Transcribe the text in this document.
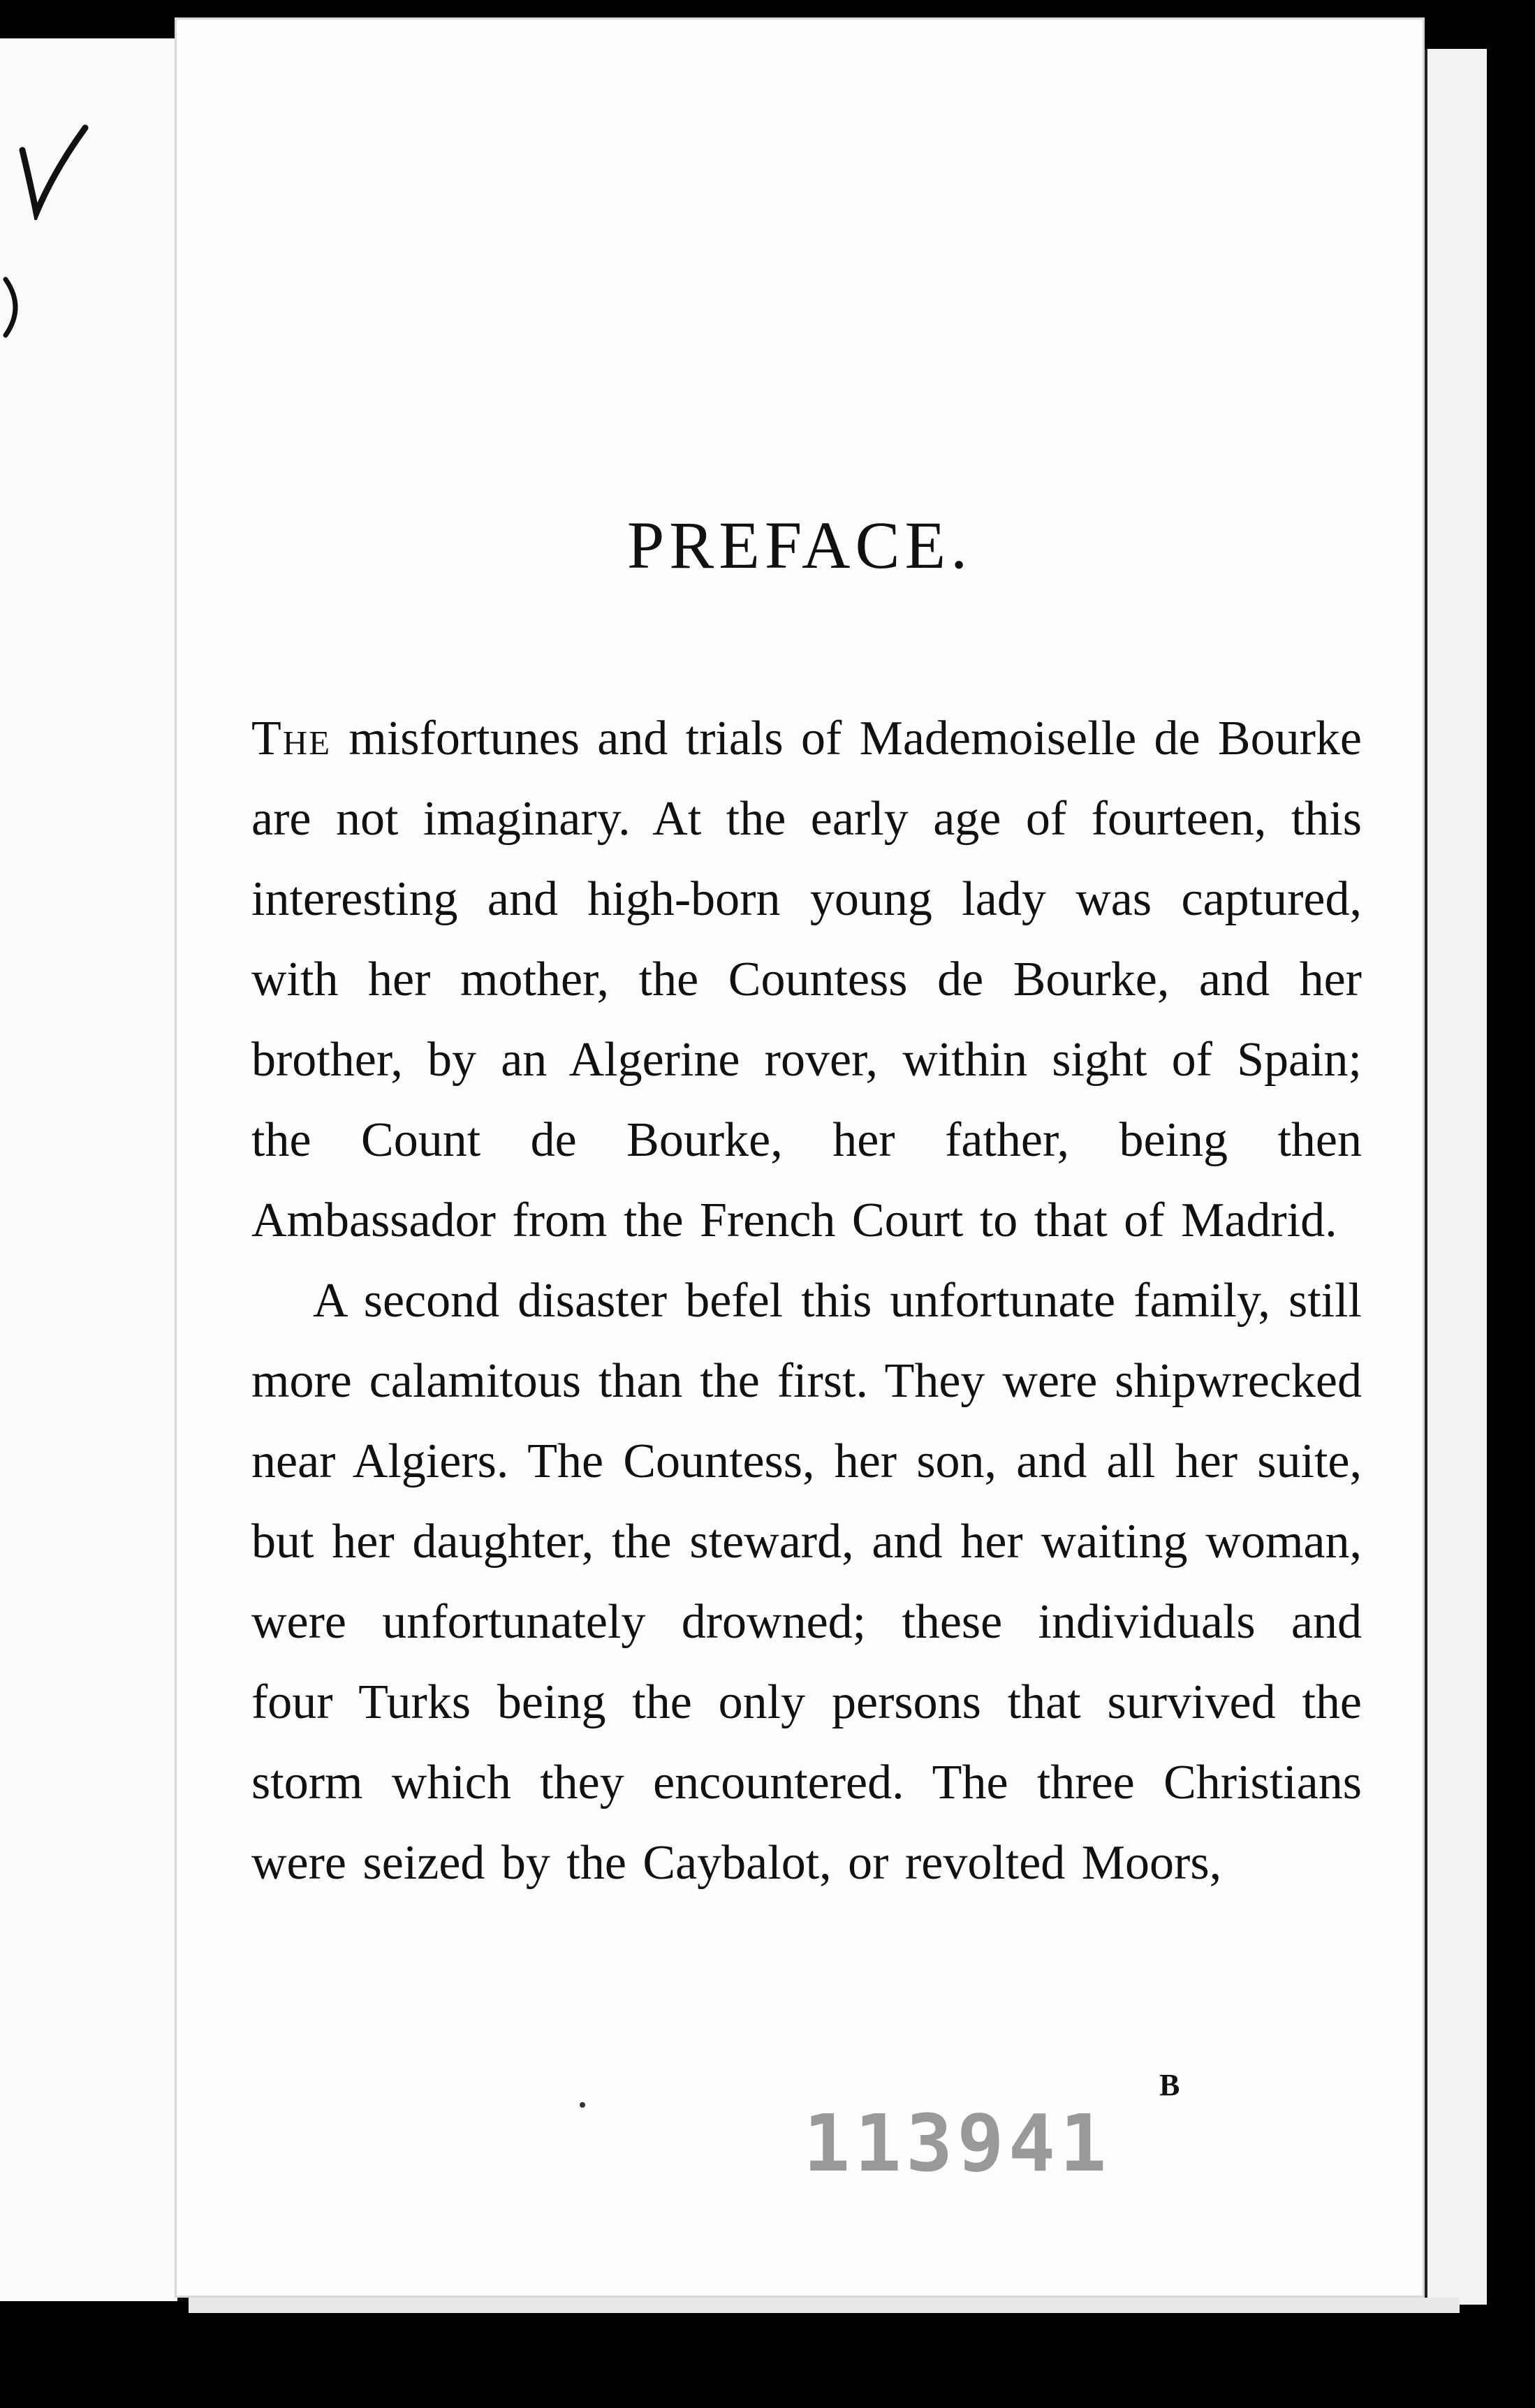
PREFACE.

The misfortunes and trials of Mademoiselle de Bourke are not imaginary. At the early age of fourteen, this interesting and high-born young lady was captured, with her mother, the Countess de Bourke, and her brother, by an Algerine rover, within sight of Spain; the Count de Bourke, her father, being then Ambassador from the French Court to that of Madrid.

A second disaster befel this unfortunate family, still more calamitous than the first. They were shipwrecked near Algiers. The Countess, her son, and all her suite, but her daughter, the steward, and her waiting woman, were unfortunately drowned; these individuals and four Turks being the only persons that survived the storm which they encountered. The three Christians were seized by the Caybalot, or revolted Moors,

B
113941
